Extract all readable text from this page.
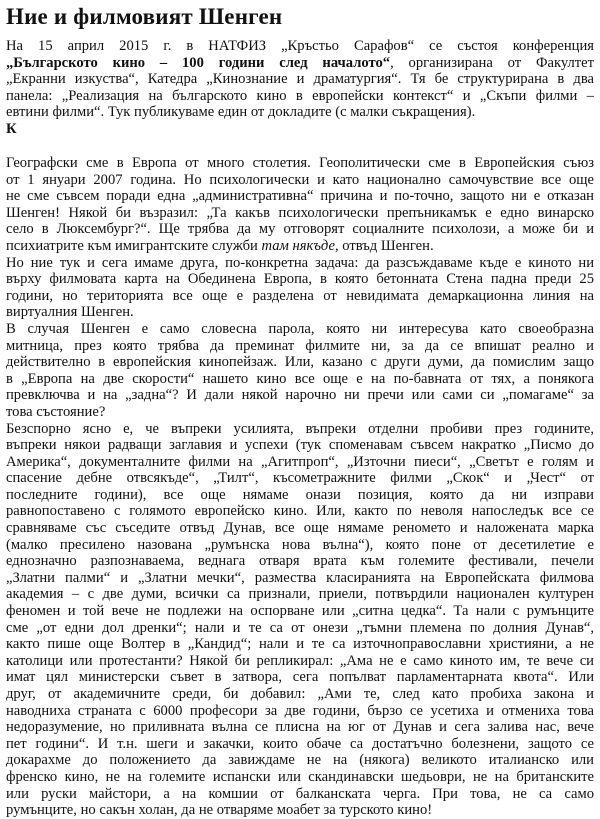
Ние и филмовият Шенген
На 15 април 2015 г. в НАТФИЗ „Кръстьо Сарафов“ се състоя конференция
„Българското кино – 100 години след началото“, организирана от Факултет
„Екранни изкуства“, Катедра „Кинознание и драматургия“. Тя бе структурирана в два
панела: „Реализация на българското кино в европейски контекст“ и „Скъпи филми –
евтини филми“. Тук публикуваме един от докладите (с малки съкращения).
К
Географски сме в Европа от много столетия. Геополитически сме в Европейския съюз
от 1 януари 2007 година. Но психологически и като национално самочувствие все още
не сме съвсем поради една „административна“ причина и по-точно, защото ни е отказан
Шенген! Някой би възразил: „Та какъв психологически препъникамък е едно винарско
село в Люксембург?“. Ще трябва да му отговорят социалните психолози, а може би и
психиатрите към имигрантските служби там някъде, отвъд Шенген.
Но ние тук и сега имаме друга, по-конкретна задача: да разсъждаваме къде е киното ни
върху филмовата карта на Обединена Европа, в която бетонната Стена падна преди 25
години, но територията все още е разделена от невидимата демаркационна линия на
виртуалния Шенген.
В случая Шенген е само словесна парола, която ни интересува като своеобразна
митница, през която трябва да преминат филмите ни, за да се впишат реално и
действително в европейския кинопейзаж. Или, казано с други думи, да помислим защо
в „Европа на две скорости“ нашето кино все още е на по-бавната от тях, а понякога
превключва и на „задна“? И дали някой нарочно ни пречи или сами си „помагаме“ за
това състояние?
Безспорно ясно е, че въпреки усилията, въпреки отделни пробиви през годините,
въпреки някои радващи заглавия и успехи (тук споменавам съвсем накратко „Писмо до
Америка“, документалните филми на „Агитпроп“, „Източни пиеси“, „Светът е голям и
спасение дебне отвсякъде“, „Тилт“, късометражните филми „Скок“ и „Чест“ от
последните години), все още нямаме онази позиция, която да ни изправи
равнопоставено с голямото европейско кино. Или, както по неволя напоследък все се
сравняваме със съседите отвъд Дунав, все още нямаме реномето и наложената марка
(малко пресилено назована „румънска нова вълна“), която поне от десетилетие е
еднозначно разпознаваема, веднага отваря врата към големите фестивали, печели
„Златни палми“ и „Златни мечки“, размества класиранията на Европейската филмова
академия – с две думи, всички са признали, приели, потвърдили национален културен
феномен и той вече не подлежи на оспорване или „ситна цедка“. Та нали с румънците
сме „от едни дол дренки“; нали и те са от онези „тъмни племена по долния Дунав“,
както пише още Волтер в „Кандид“; нали и те са източноправославни християни, а не
католици или протестанти? Някой би репликирал: „Ама не е само киното им, те вече си
имат цял министерски съвет в затвора, сега попълват парламентарната квота“. Или
друг, от академичните среди, би добавил: „Ами те, след като пробиха закона и
наводниха страната с 6000 професори за две години, бързо се усетиха и отмениха това
недоразумение, но приливната вълна се плисна на юг от Дунав и сега залива нас, вече
пет години“. И т.н. шеги и закачки, които обаче са достатъчно болезнени, защото се
докарахме до положението да завиждаме не на (някога) великото италианско или
френско кино, не на големите испански или скандинавски шедьоври, не на британските
или руски майстори, а на комшии от балканската черга. При това, не са само
румънците, но сакън холан, да не отваряме моабет за турското кино!
